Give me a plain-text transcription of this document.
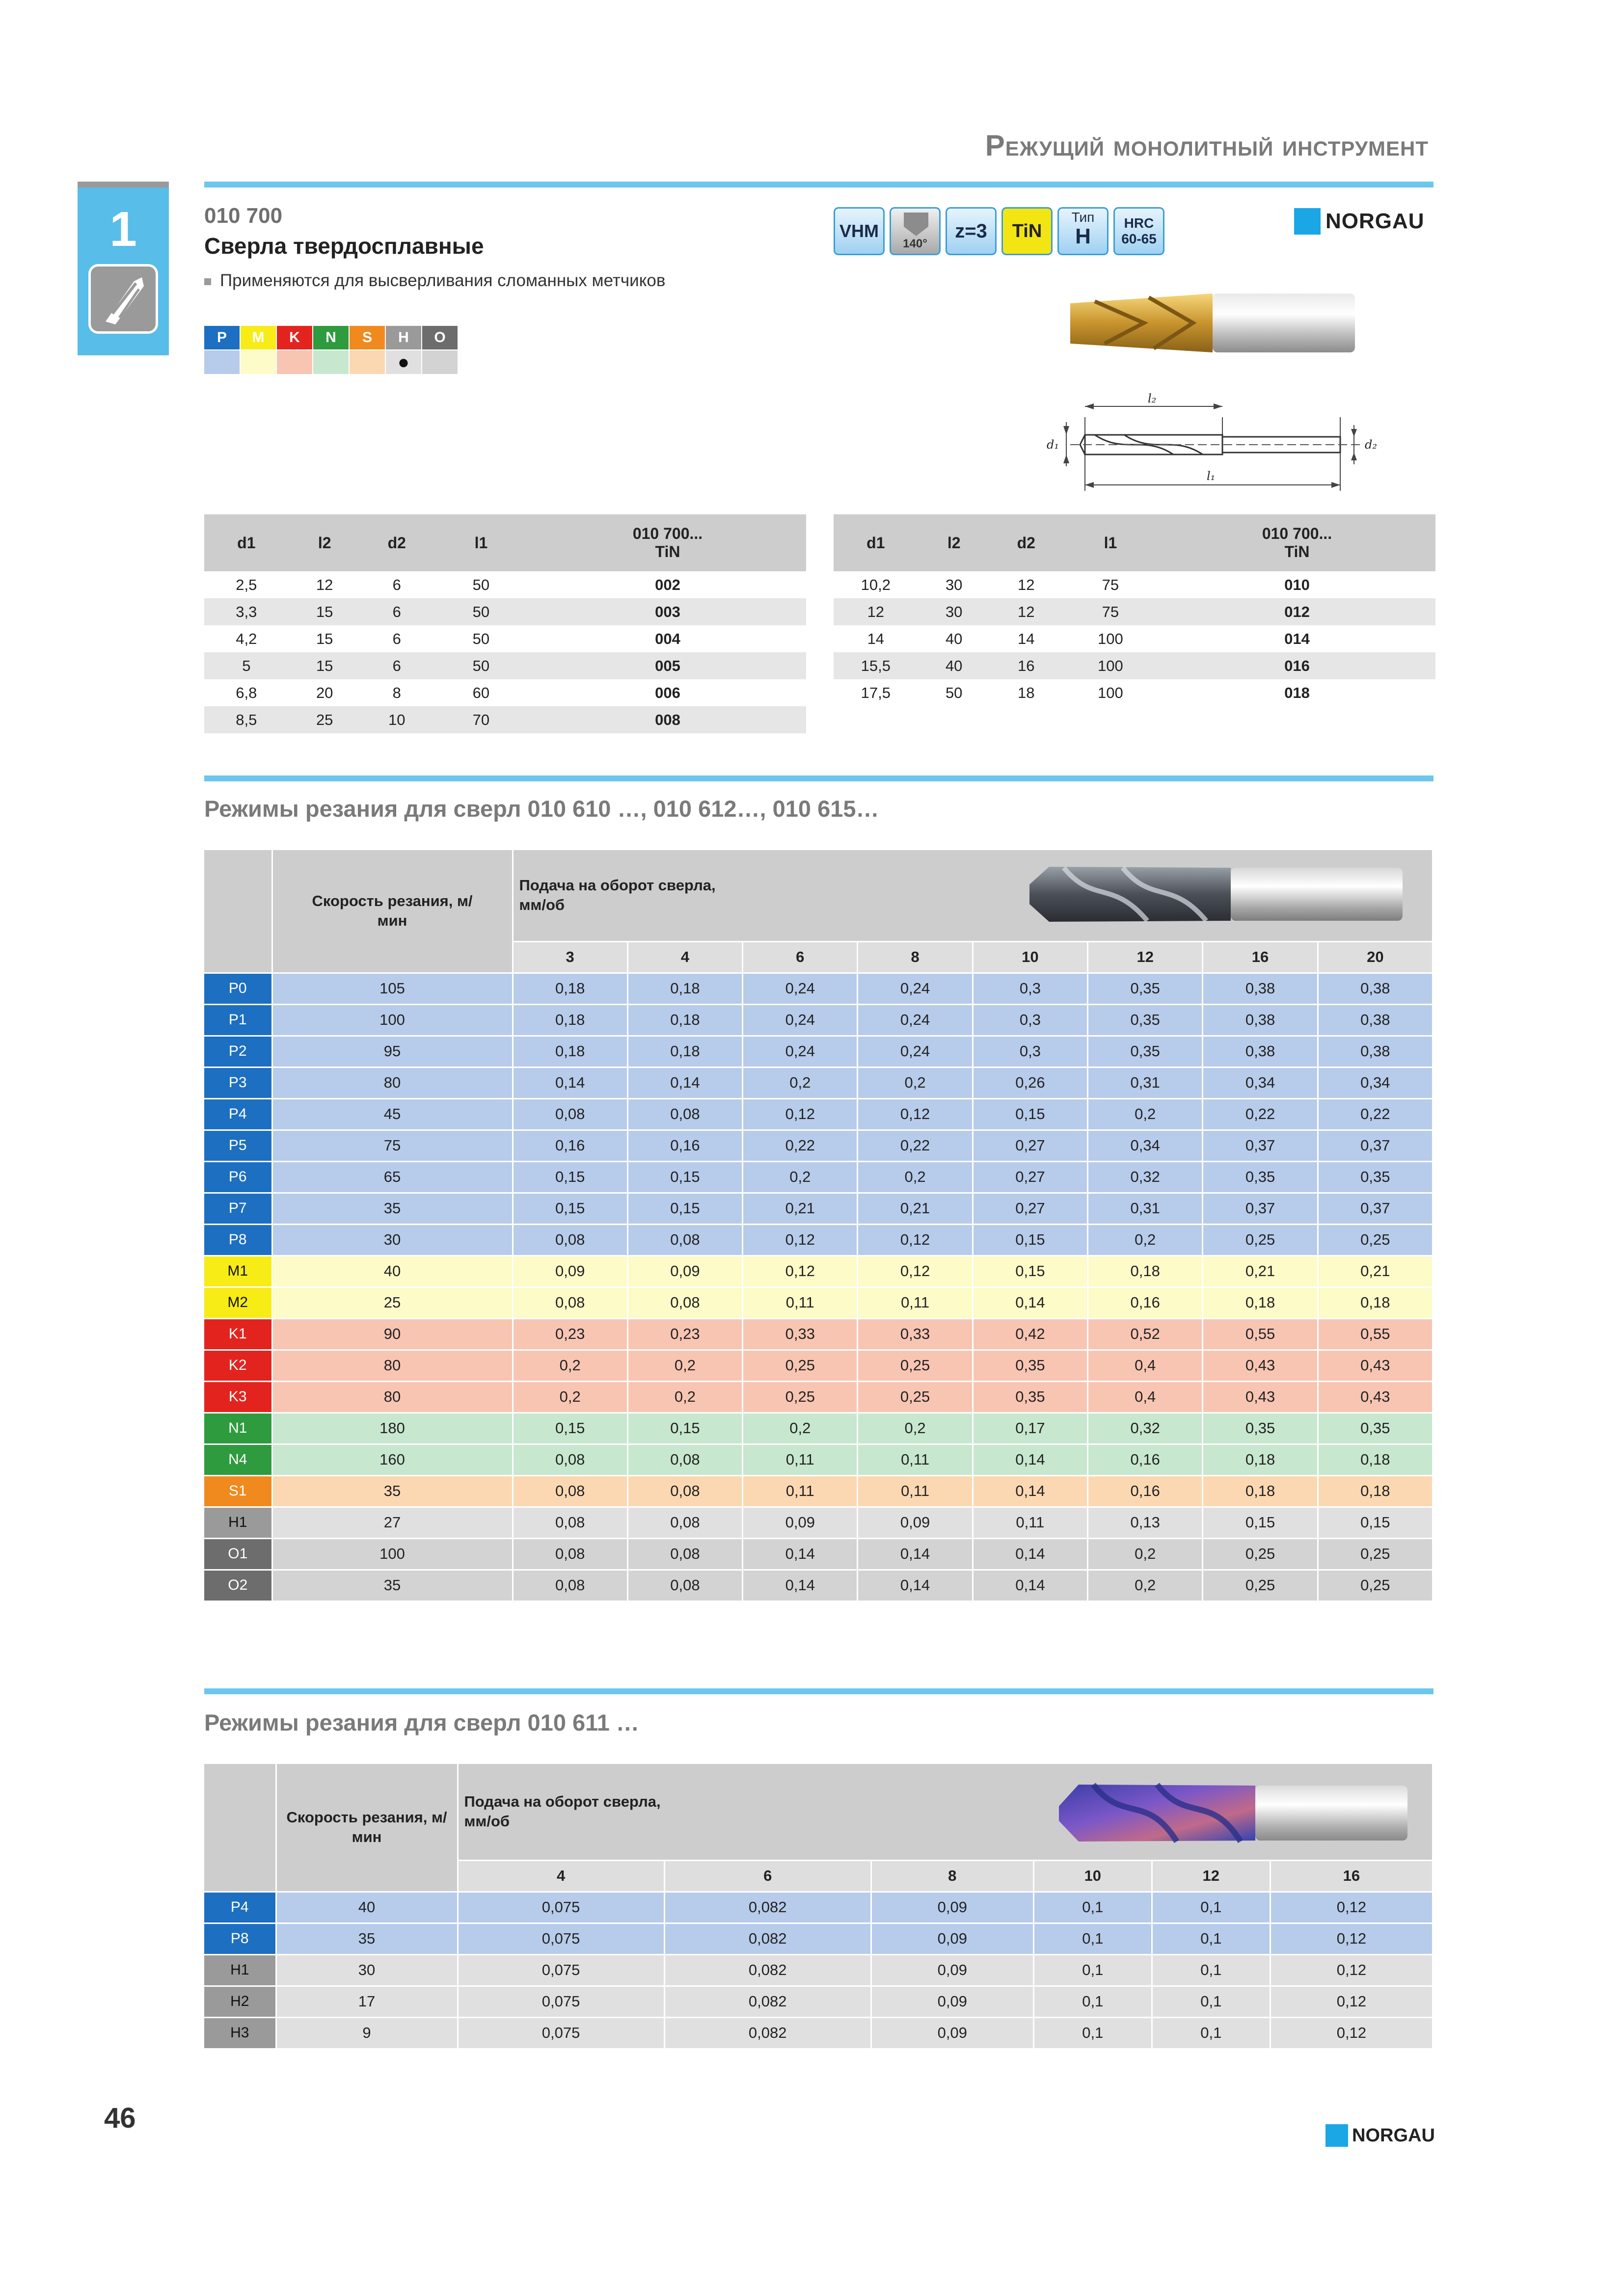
Режущий монолитный инструмент
1	010 700
Сверла твердосплавные
Применяются для высверливания сломанных метчиков
P	M	K	N	S	H	O
●
VHM
140°
z=3	TiN
Тип
H
HRC
60-65
NORGAU
l₂
l₁
d₁	d₂
d1	l2	d2	l1	010 700...
TiN

2,5	12	6	50	002
3,3	15	6	50	003
4,2	15	6	50	004
5	15	6	50	005
6,8	20	8	60	006
8,5	25	10	70	008
d1	l2	d2	l1	010 700...
TiN

10,2	30	12	75	010
12	30	12	75	012
14	40	14	100	014
15,5	40	16	100	016
17,5	50	18	100	018
Режимы резания для сверл 010 610 …, 010 612…, 010 615…

	Скорость резания, м/мин	Подача на оборот сверла, мм/об							

		3	4	6	8	10	12	16	20
P0	105	0,18	0,18	0,24	0,24	0,3	0,35	0,38	0,38
P1	100	0,18	0,18	0,24	0,24	0,3	0,35	0,38	0,38
P2	95	0,18	0,18	0,24	0,24	0,3	0,35	0,38	0,38
P3	80	0,14	0,14	0,2	0,2	0,26	0,31	0,34	0,34
P4	45	0,08	0,08	0,12	0,12	0,15	0,2	0,22	0,22
P5	75	0,16	0,16	0,22	0,22	0,27	0,34	0,37	0,37
P6	65	0,15	0,15	0,2	0,2	0,27	0,32	0,35	0,35
P7	35	0,15	0,15	0,21	0,21	0,27	0,31	0,37	0,37
P8	30	0,08	0,08	0,12	0,12	0,15	0,2	0,25	0,25
M1	40	0,09	0,09	0,12	0,12	0,15	0,18	0,21	0,21
M2	25	0,08	0,08	0,11	0,11	0,14	0,16	0,18	0,18
K1	90	0,23	0,23	0,33	0,33	0,42	0,52	0,55	0,55
K2	80	0,2	0,2	0,25	0,25	0,35	0,4	0,43	0,43
K3	80	0,2	0,2	0,25	0,25	0,35	0,4	0,43	0,43
N1	180	0,15	0,15	0,2	0,2	0,17	0,32	0,35	0,35
N4	160	0,08	0,08	0,11	0,11	0,14	0,16	0,18	0,18
S1	35	0,08	0,08	0,11	0,11	0,14	0,16	0,18	0,18
H1	27	0,08	0,08	0,09	0,09	0,11	0,13	0,15	0,15
O1	100	0,08	0,08	0,14	0,14	0,14	0,2	0,25	0,25
O2	35	0,08	0,08	0,14	0,14	0,14	0,2	0,25	0,25
Режимы резания для сверл 010 611 …

	Скорость резания, м/мин	Подача на оборот сверла, мм/об					

		4	6	8	10	12	16
P4	40	0,075	0,082	0,09	0,1	0,1	0,12
P8	35	0,075	0,082	0,09	0,1	0,1	0,12
H1	30	0,075	0,082	0,09	0,1	0,1	0,12
H2	17	0,075	0,082	0,09	0,1	0,1	0,12
H3	9	0,075	0,082	0,09	0,1	0,1	0,12
46
NORGAU
